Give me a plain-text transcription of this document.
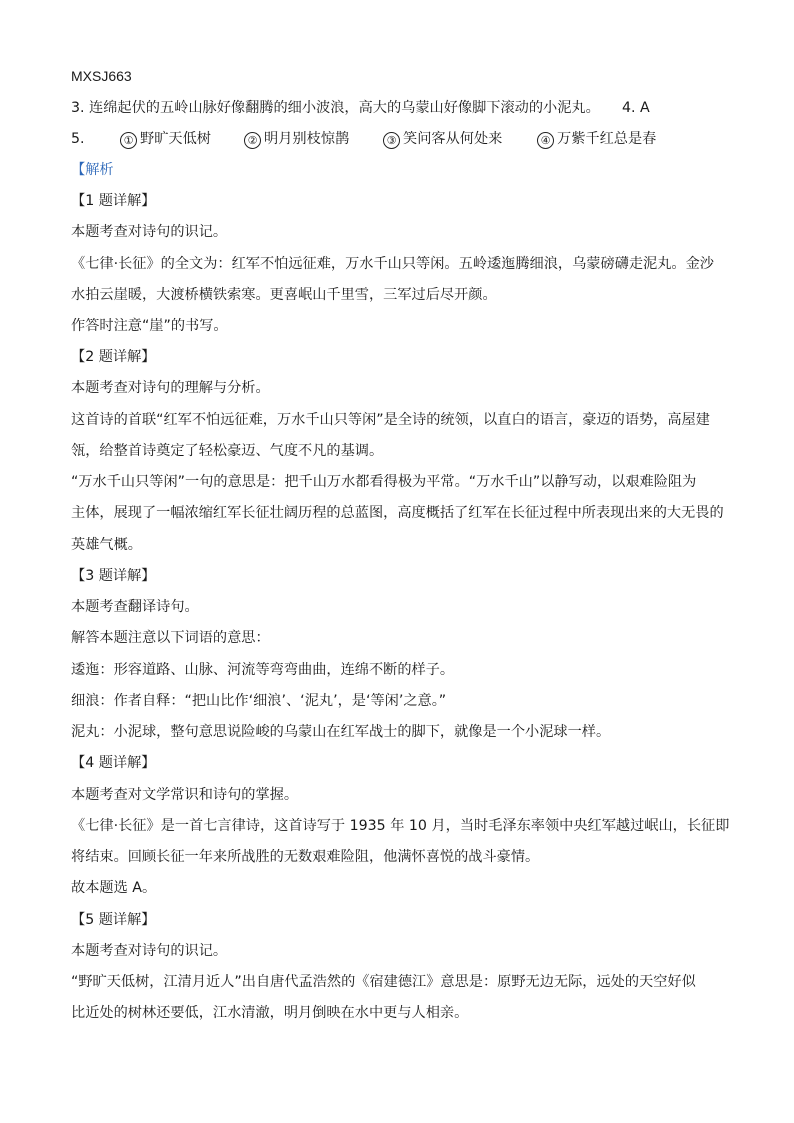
MXSJ663
3. 连绵起伏的五岭山脉好像翻腾的细小波浪，高大的乌蒙山好像脚下滚动的小泥丸。 4. A
5.	① 野旷天低树	② 明月别枝惊鹊	③ 笑问客从何处来	④ 万紫千红总是春
【解析
【1 题详解】
本题考查对诗句的识记。
《七律·长征》的全文为：红军不怕远征难，万水千山只等闲。五岭逶迤腾细浪，乌蒙磅礴走泥丸。金沙
水拍云崖暖，大渡桥横铁索寒。更喜岷山千里雪，三军过后尽开颜。
作答时注意“崖”的书写。
【2 题详解】
本题考查对诗句的理解与分析。
这首诗的首联“红军不怕远征难，万水千山只等闲”是全诗的统领，以直白的语言，豪迈的语势，高屋建
瓴，给整首诗奠定了轻松豪迈、气度不凡的基调。
“万水千山只等闲”一句的意思是：把千山万水都看得极为平常。“万水千山”以静写动，以艰难险阻为
主体，展现了一幅浓缩红军长征壮阔历程的总蓝图，高度概括了红军在长征过程中所表现出来的大无畏的
英雄气概。
【3 题详解】
本题考查翻译诗句。
解答本题注意以下词语的意思：
逶迤：形容道路、山脉、河流等弯弯曲曲，连绵不断的样子。
细浪：作者自释：“把山比作‘细浪’、‘泥丸’，是‘等闲’之意。”
泥丸：小泥球，整句意思说险峻的乌蒙山在红军战士的脚下，就像是一个小泥球一样。
【4 题详解】
本题考查对文学常识和诗句的掌握。
《七律·长征》是一首七言律诗，这首诗写于 1935 年 10 月，当时毛泽东率领中央红军越过岷山，长征即
将结束。回顾长征一年来所战胜的无数艰难险阻，他满怀喜悦的战斗豪情。
故本题选 A。
【5 题详解】
本题考查对诗句的识记。
“野旷天低树，江清月近人”出自唐代孟浩然的《宿建德江》意思是：原野无边无际，远处的天空好似
比近处的树林还要低，江水清澈，明月倒映在水中更与人相亲。
